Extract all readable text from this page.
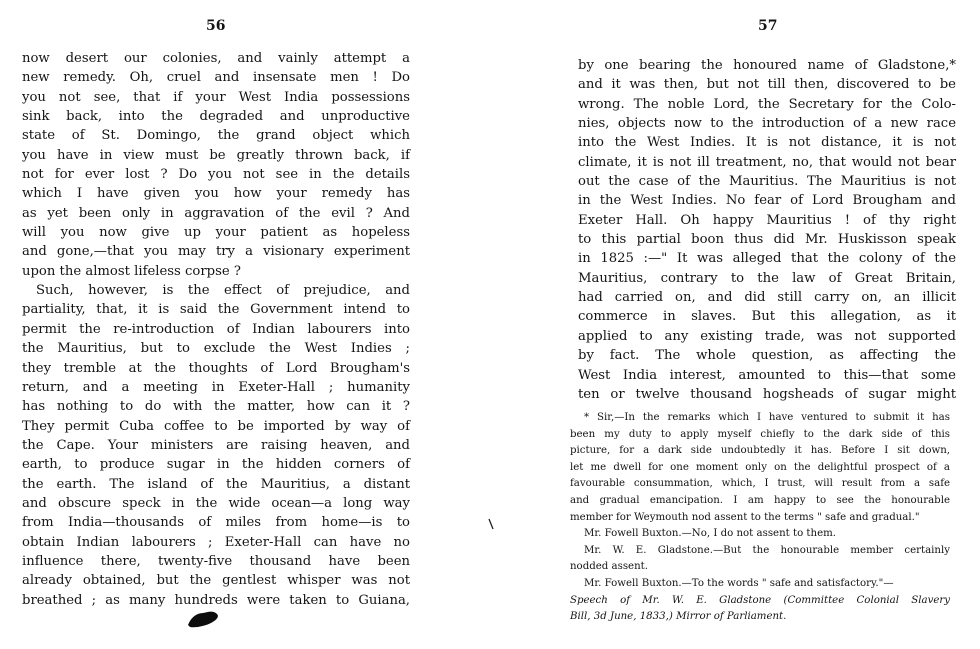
56

now desert our colonies, and vainly attempt a
new remedy. Oh, cruel and insensate men ! Do
you not see, that if your West India possessions
sink back, into the degraded and unproductive
state of St. Domingo, the grand object which
you have in view must be greatly thrown back, if
not for ever lost ? Do you not see in the details
which I have given you how your remedy has
as yet been only in aggravation of the evil ? And
will you now give up your patient as hopeless
and gone,—that you may try a visionary experiment
upon the almost lifeless corpse ?
Such, however, is the effect of prejudice, and
partiality, that, it is said the Government intend to
permit the re-introduction of Indian labourers into
the Mauritius, but to exclude the West Indies ;
they tremble at the thoughts of Lord Brougham's
return, and a meeting in Exeter-Hall ; humanity
has nothing to do with the matter, how can it ?
They permit Cuba coffee to be imported by way of
the Cape. Your ministers are raising heaven, and
earth, to produce sugar in the hidden corners of
the earth. The island of the Mauritius, a distant
and obscure speck in the wide ocean—a long way
from India—thousands of miles from home—is to
obtain Indian labourers ; Exeter-Hall can have no
influence there, twenty-five thousand have been
already obtained, but the gentlest whisper was not
breathed ; as many hundreds were taken to Guiana,

57

by one bearing the honoured name of Gladstone,*
and it was then, but not till then, discovered to be
wrong. The noble Lord, the Secretary for the Colo-
nies, objects now to the introduction of a new race
into the West Indies. It is not distance, it is not
climate, it is not ill treatment, no, that would not bear
out the case of the Mauritius. The Mauritius is not
in the West Indies. No fear of Lord Brougham and
Exeter Hall. Oh happy Mauritius ! of thy right
to this partial boon thus did Mr. Huskisson speak
in 1825 :—" It was alleged that the colony of the
Mauritius, contrary to the law of Great Britain,
had carried on, and did still carry on, an illicit
commerce in slaves. But this allegation, as it
applied to any existing trade, was not supported
by fact. The whole question, as affecting the
West India interest, amounted to this—that some
ten or twelve thousand hogsheads of sugar might
* Sir,—In the remarks which I have ventured to submit it has
been my duty to apply myself chiefly to the dark side of this
picture, for a dark side undoubtedly it has. Before I sit down,
let me dwell for one moment only on the delightful prospect of a
favourable consummation, which, I trust, will result from a safe
and gradual emancipation. I am happy to see the honourable
member for Weymouth nod assent to the terms " safe and gradual."
Mr. Fowell Buxton.—No, I do not assent to them.
Mr. W. E. Gladstone.—But the honourable member certainly
nodded assent.
Mr. Fowell Buxton.—To the words " safe and satisfactory."—
Speech of Mr. W. E. Gladstone (Committee Colonial Slavery
Bill, 3d June, 1833,) Mirror of Parliament.
